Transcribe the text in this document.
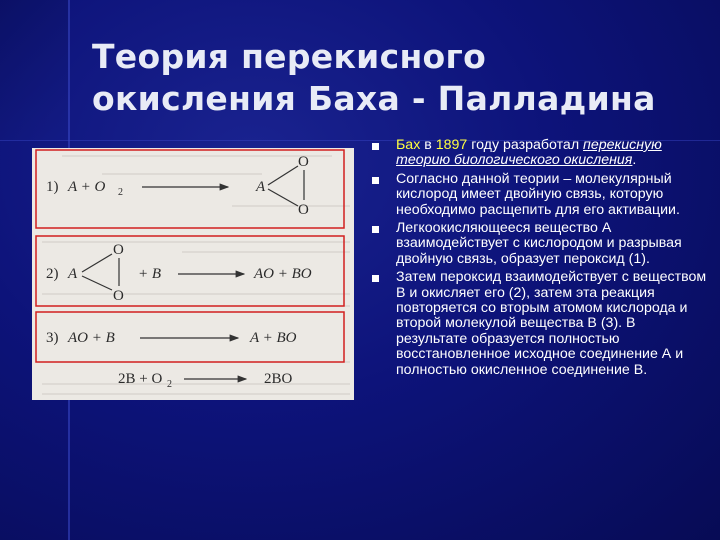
Теория перекисного
окисления Баха - Палладина
1) A + O 2	A
O
O
2) A
O
O
+ B	AO + BO
3) AO + B	A + BO
2B + O 2	2BO
Бах в 1897 году разработал перекисную теорию биологического окисления.
Согласно данной теории – молекулярный кислород имеет двойную связь, которую необходимо расщепить для его активации.
Легкоокисляющееся вещество А взаимодействует с кислородом и разрывая двойную связь, образует пероксид (1).
Затем пероксид взаимодействует с веществом В и окисляет его (2), затем эта реакция повторяется со вторым атомом кислорода и второй молекулой вещества В (3). В результате образуется полностью восстановленное исходное соединение А и полностью окисленное соединение В.
